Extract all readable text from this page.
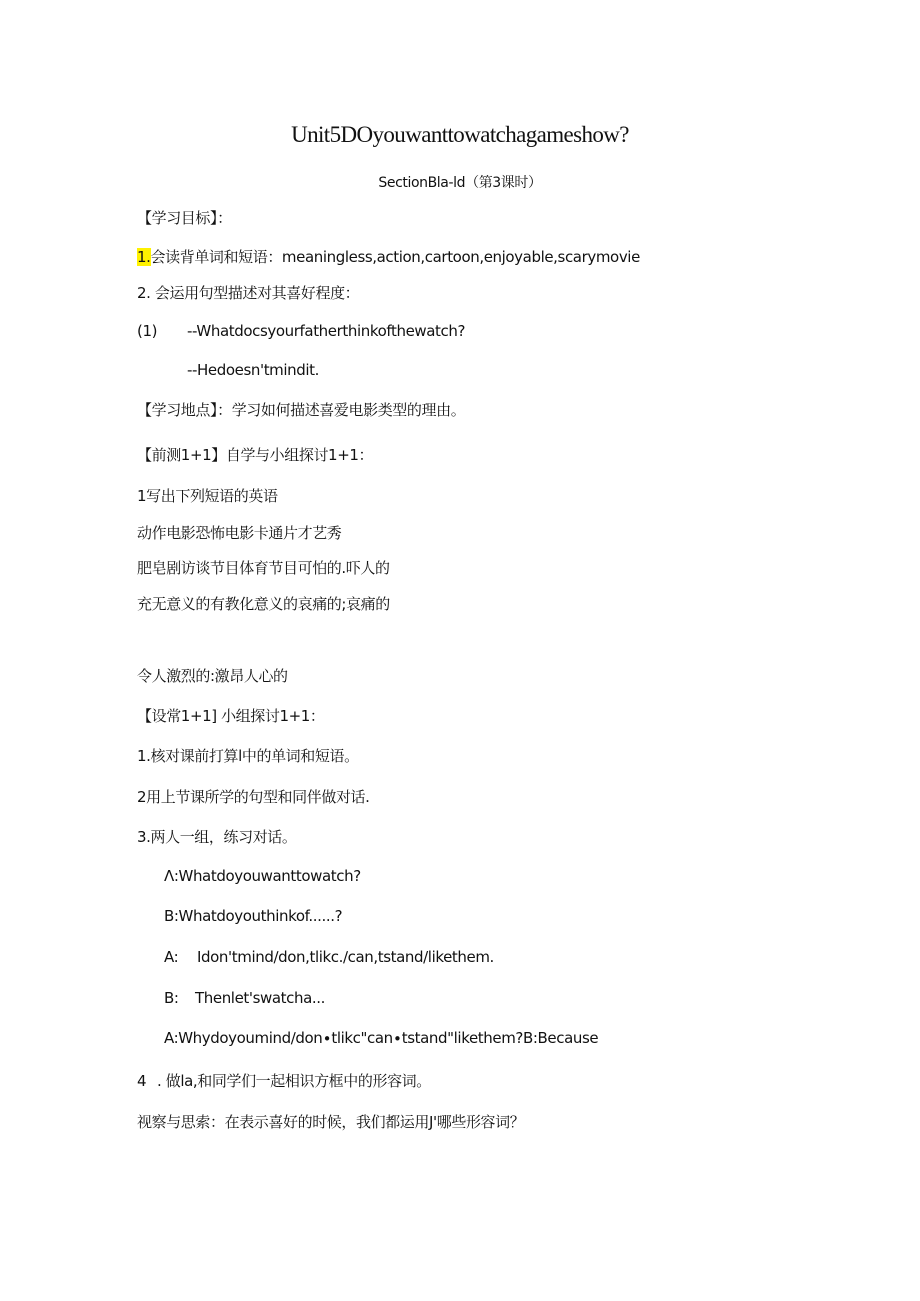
Unit5DOyouwanttowatchagameshow?
SectionBla-ld（第3课时）
【学习目标】：
1.会读背单词和短语：meaningless,action,cartoon,enjoyable,scarymovie
2. 会运用句型描述对其喜好程度：
(1) --Whatdocsyourfatherthinkofthewatch?
--Hedoesn'tmindit.
【学习地点】：学习如何描述喜爱电影类型的理由。
【前测1+1】自学与小组探讨1+1：
1写出下列短语的英语
动作电影恐怖电影卡通片才艺秀
肥皂剧访谈节目体育节目可怕的.吓人的
充无意义的有教化意义的哀痛的;哀痛的
令人激烈的:激昂人心的
【设常1+1] 小组探讨1+1：
1.核对课前打算l中的单词和短语。
2用上节课所学的句型和同伴做对话.
3.两人一组，练习对话。
Λ:Whatdoyouwanttowatch?
B:Whatdoyouthinkof......?
A: Idon'tmind∕don,tlikc.∕can,tstand/likethem.
B: Thenlet'swatcha...
A:Whydoyoumind∕don∙tlikc"can∙tstand"likethem?B:Because
4 . 做la,和同学们一起相识方框中的形容词。
视察与思索：在表示喜好的时候，我们都运用J'哪些形容词？
